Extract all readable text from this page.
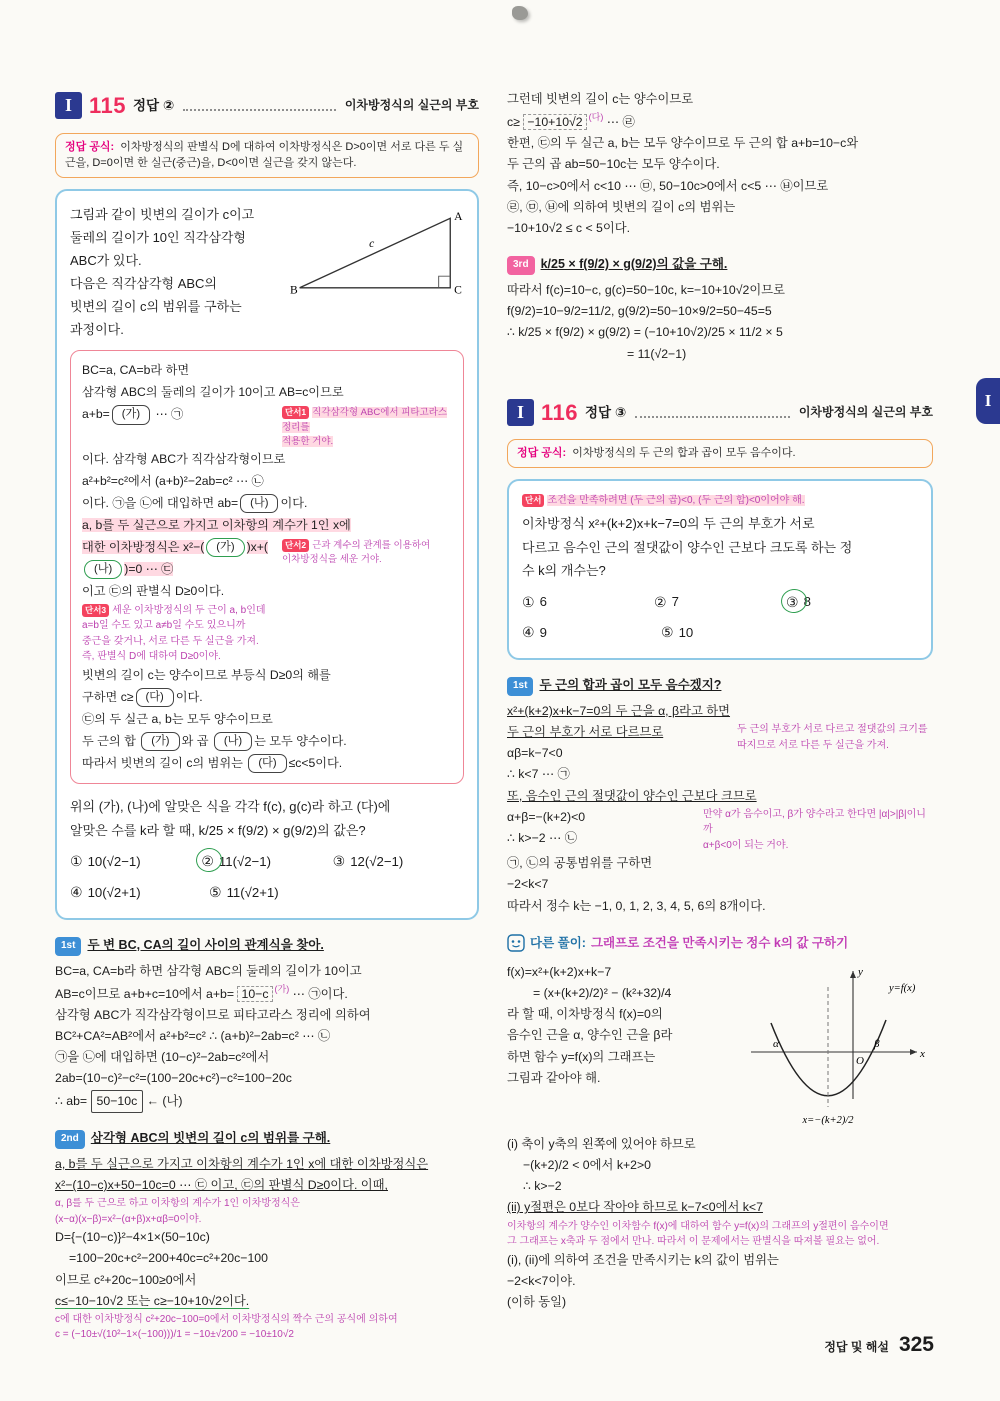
I
I 115 정답 ②	이차방정식의 실근의 부호
정답 공식: 이차방정식의 판별식 D에 대하여 이차방정식은 D>0이면 서로 다른 두 실근을, D=0이면 한 실근(중근)을, D<0이면 실근을 갖지 않는다.
그림과 같이 빗변의 길이가 c이고
둘레의 길이가 10인 직각삼각형
ABC가 있다.
다음은 직각삼각형 ABC의
빗변의 길이 c의 범위를 구하는
과정이다.
c
A
B	C
BC=a, CA=b라 하면
삼각형 ABC의 둘레의 길이가 10이고 AB=c이므로
a+b= (가) ⋯ ㉠	단서1 직각삼각형 ABC에서 피타고라스 정리를
적용한 거야.
이다. 삼각형 ABC가 직각삼각형이므로
a²+b²=c²에서 (a+b)²−2ab=c² ⋯ ㉡
이다. ㉠을 ㉡에 대입하면 ab= (나) 이다.
a, b를 두 실근으로 가지고 이차항의 계수가 1인 x에
대한 이차방정식은 x²−( (가) )x+((나) )=0 ⋯ ㉢
단서2 근과 계수의 관계를 이용하여
이차방정식을 세운 거야.
이고 ㉢의 판별식 D≥0이다.
단서3 세운 이차방정식의 두 근이 a, b인데
a=b일 수도 있고 a≠b일 수도 있으니까
중근을 갖거나, 서로 다른 두 실근을 가져.
즉, 판별식 D에 대하여 D≥0이야.
빗변의 길이 c는 양수이므로 부등식 D≥0의 해를
구하면 c≥ (다) 이다.
㉢의 두 실근 a, b는 모두 양수이므로
두 근의 합 (가) 와 곱 (나) 는 모두 양수이다.
따라서 빗변의 길이 c의 범위는 (다) ≤c<5이다.
위의 (가), (나)에 알맞은 식을 각각 f(c), g(c)라 하고 (다)에
알맞은 수를 k라 할 때, k/25 × f(9/2) × g(9/2)의 값은?
① 10(√2−1)	② 11(√2−1)	③ 12(√2−1)
④ 10(√2+1)	⑤ 11(√2+1)
1st 두 변 BC, CA의 길이 사이의 관계식을 찾아.
BC=a, CA=b라 하면 삼각형 ABC의 둘레의 길이가 10이고
AB=c이므로 a+b+c=10에서 a+b= 10−c $^{(가)}$ ⋯ ㉠이다.
삼각형 ABC가 직각삼각형이므로 피타고라스 정리에 의하여
BC²+CA²=AB²에서 a²+b²=c² ∴ (a+b)²−2ab=c² ⋯ ㉡
㉠을 ㉡에 대입하면 (10−c)²−2ab=c²에서
2ab=(10−c)²−c²=(100−20c+c²)−c²=100−20c
∴ ab= 50−10c ← (나)
2nd 삼각형 ABC의 빗변의 길이 c의 범위를 구해.
a, b를 두 실근으로 가지고 이차항의 계수가 1인 x에 대한 이차방정식은
x²−(10−c)x+50−10c=0 ⋯ ㉢ 이고, ㉢의 판별식 D≥0이다. 이때,
α, β를 두 근으로 하고 이차항의 계수가 1인 이차방정식은
(x−α)(x−β)=x²−(α+β)x+αβ=0이야.
D={−(10−c)}²−4×1×(50−10c)
=100−20c+c²−200+40c=c²+20c−100
이므로 c²+20c−100≥0에서
c≤−10−10√2 또는 c≥−10+10√2이다.
c에 대한 이차방정식 c²+20c−100=0에서 이차방정식의 짝수 근의 공식에 의하여
c = (−10±√(10²−1×(−100)))/1 = −10±√200 = −10±10√2
그런데 빗변의 길이 c는 양수이므로
c≥ −10+10√2 $^{(다)}$ ⋯ ㉣
한편, ㉢의 두 실근 a, b는 모두 양수이므로 두 근의 합 a+b=10−c와
두 근의 곱 ab=50−10c는 모두 양수이다.
즉, 10−c>0에서 c<10 ⋯ ㉤, 50−10c>0에서 c<5 ⋯ ㉥이므로
㉣, ㉤, ㉥에 의하여 빗변의 길이 c의 범위는
−10+10√2 ≤ c < 5이다.
3rd k/25 × f(9/2) × g(9/2)의 값을 구해.
따라서 f(c)=10−c, g(c)=50−10c, k=−10+10√2이므로
f(9/2)=10−9/2=11/2, g(9/2)=50−10×9/2=50−45=5
∴ k/25 × f(9/2) × g(9/2) = (−10+10√2)/25 × 11/2 × 5
= 11(√2−1)
I 116 정답 ③	이차방정식의 실근의 부호
정답 공식: 이차방정식의 두 근의 합과 곱이 모두 음수이다.
단서 조건을 만족하려면 (두 근의 곱)<0, (두 근의 합)<0이어야 해.
이차방정식 x²+(k+2)x+k−7=0의 두 근의 부호가 서로
다르고 음수인 근의 절댓값이 양수인 근보다 크도록 하는 정
수 k의 개수는?
① 6	② 7	③ 8
④ 9	⑤ 10
1st 두 근의 합과 곱이 모두 음수겠지?
x²+(k+2)x+k−7=0의 두 근을 α, β라고 하면
두 근의 부호가 서로 다르므로
αβ=k−7<0
두 근의 부호가 서로 다르고 절댓값의 크기를
따지므로 서로 다른 두 실근을 가져.
∴ k<7 ⋯ ㉠
또, 음수인 근의 절댓값이 양수인 근보다 크므로
α+β=−(k+2)<0
∴ k>−2 ⋯ ㉡
만약 α가 음수이고, β가 양수라고 한다면 |α|>|β|이니까
α+β<0이 되는 거야.
㉠, ㉡의 공통범위를 구하면
−2<k<7
따라서 정수 k는 −1, 0, 1, 2, 3, 4, 5, 6의 8개이다.
다른 풀이: 그래프로 조건을 만족시키는 정수 k의 값 구하기
f(x)=x²+(k+2)x+k−7
= (x+(k+2)/2)² − (k²+32)/4
라 할 때, 이차방정식 f(x)=0의
음수인 근을 α, 양수인 근을 β라
하면 함수 y=f(x)의 그래프는
그림과 같아야 해.
y
x
O
α	β
y=f(x)
x=−(k+2)/2
(i) 축이 y축의 왼쪽에 있어야 하므로
−(k+2)/2 < 0에서 k+2>0
∴ k>−2
(ii) y절편은 0보다 작아야 하므로 k−7<0에서 k<7
이차항의 계수가 양수인 이차함수 f(x)에 대하여 함수 y=f(x)의 그래프의 y절편이 음수이면
그 그래프는 x축과 두 점에서 만나. 따라서 이 문제에서는 판별식을 따져볼 필요는 없어.
(i), (ii)에 의하여 조건을 만족시키는 k의 값이 범위는
−2<k<7이야.
(이하 동일)
정답 및 해설 325
